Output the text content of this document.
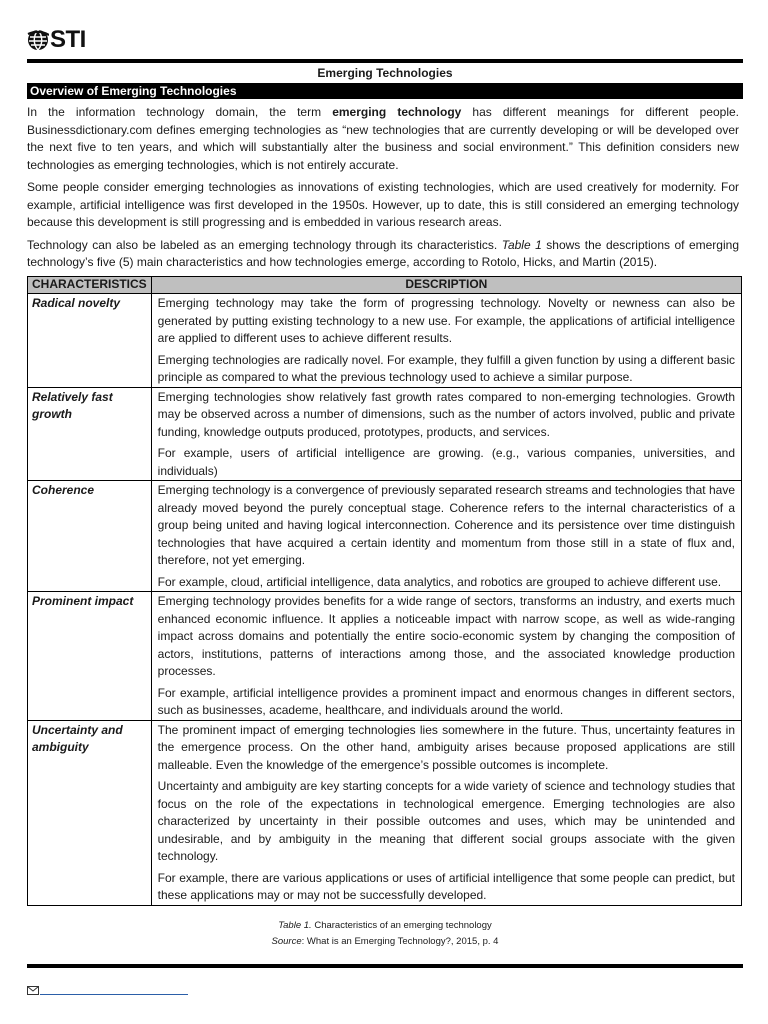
STI
Emerging Technologies
Overview of Emerging Technologies

In the information technology domain, the term emerging technology has different meanings for different people. Businessdictionary.com defines emerging technologies as “new technologies that are currently developing or will be developed over the next five to ten years, and which will substantially alter the business and social environment.” This definition considers new technologies as emerging technologies, which is not entirely accurate.

Some people consider emerging technologies as innovations of existing technologies, which are used creatively for modernity. For example, artificial intelligence was first developed in the 1950s. However, up to date, this is still considered an emerging technology because this development is still progressing and is embedded in various research areas.

Technology can also be labeled as an emerging technology through its characteristics. Table 1 shows the descriptions of emerging technology’s five (5) main characteristics and how technologies emerge, according to Rotolo, Hicks, and Martin (2015).

CHARACTERISTICS	DESCRIPTION
Radical novelty	Emerging technology may take the form of progressing technology. Novelty or newness can also be generated by putting existing technology to a new use. For example, the applications of artificial intelligence are applied to different uses to achieve different results.

Emerging technologies are radically novel. For example, they fulfill a given function by using a different basic principle as compared to what the previous technology used to achieve a similar purpose.

Relatively fast growth	Emerging technologies show relatively fast growth rates compared to non-emerging technologies. Growth may be observed across a number of dimensions, such as the number of actors involved, public and private funding, knowledge outputs produced, prototypes, products, and services.

For example, users of artificial intelligence are growing. (e.g., various companies, universities, and individuals)

Coherence	Emerging technology is a convergence of previously separated research streams and technologies that have already moved beyond the purely conceptual stage. Coherence refers to the internal characteristics of a group being united and having logical interconnection. Coherence and its persistence over time distinguish technologies that have acquired a certain identity and momentum from those still in a state of flux and, therefore, not yet emerging.

For example, cloud, artificial intelligence, data analytics, and robotics are grouped to achieve different use.

Prominent impact	Emerging technology provides benefits for a wide range of sectors, transforms an industry, and exerts much enhanced economic influence. It applies a noticeable impact with narrow scope, as well as wide-ranging impact across domains and potentially the entire socio-economic system by changing the composition of actors, institutions, patterns of interactions among those, and the associated knowledge production processes.

For example, artificial intelligence provides a prominent impact and enormous changes in different sectors, such as businesses, academe, healthcare, and individuals around the world.

Uncertainty and ambiguity	The prominent impact of emerging technologies lies somewhere in the future. Thus, uncertainty features in the emergence process. On the other hand, ambiguity arises because proposed applications are still malleable. Even the knowledge of the emergence’s possible outcomes is incomplete.

Uncertainty and ambiguity are key starting concepts for a wide variety of science and technology studies that focus on the role of the expectations in technological emergence. Emerging technologies are also characterized by uncertainty in their possible outcomes and uses, which may be unintended and undesirable, and by ambiguity in the meaning that different social groups associate with the given technology.

For example, there are various applications or uses of artificial intelligence that some people can predict, but these applications may or may not be successfully developed.

Table 1. Characteristics of an emerging technology
Source: What is an Emerging Technology?, 2015, p. 4
